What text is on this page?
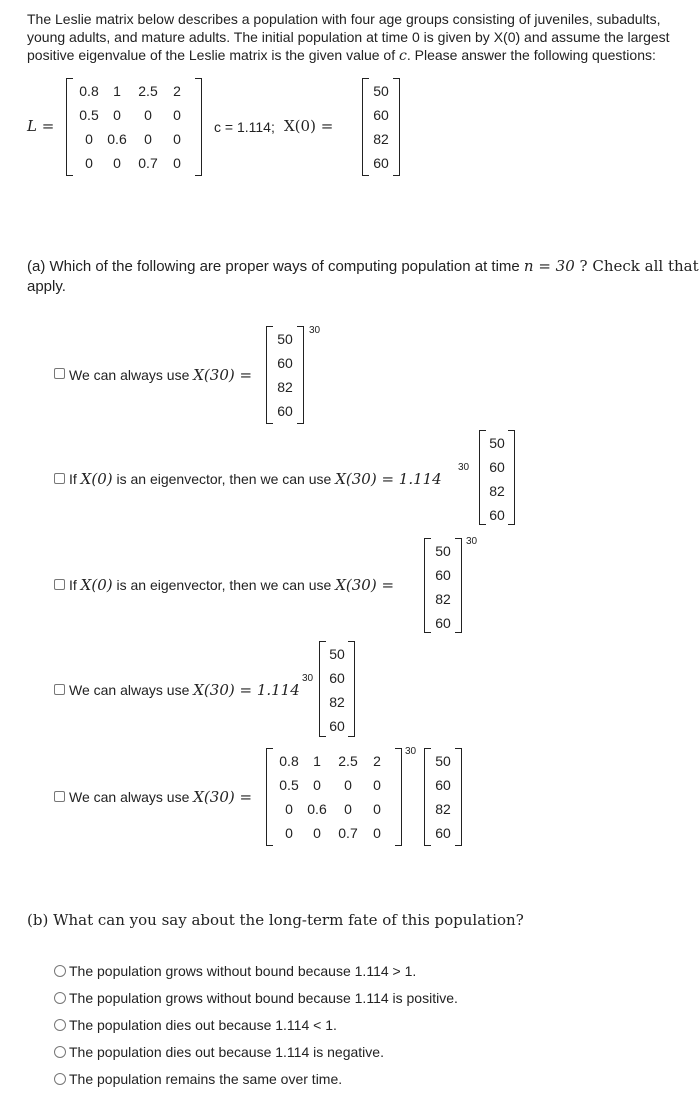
The Leslie matrix below describes a population with four age groups consisting of juveniles, subadults,
young adults, and mature adults. The initial population at time 0 is given by X(0) and assume the largest
positive eigenvalue of the Leslie matrix is the given value of c. Please answer the following questions:
L =
0.8	1	2.5	2
0.5	0	0	0
0	0.6	0	0
0	0	0.7	0
c = 1.114; X(0) =
50
60
82
60
(a) Which of the following are proper ways of computing population at time n = 30 ? Check all that
apply.
We can always use X(30) =
50
60
82
60
30
If X(0) is an eigenvector, then we can use X(30) = 1.114
30
50
60
82
60
If X(0) is an eigenvector, then we can use X(30) =
50
60
82
60
30
We can always use X(30) = 1.114
30
50
60
82
60
We can always use X(30) =
0.8	1	2.5	2
0.5	0	0	0
0	0.6	0	0
0	0	0.7	0
30
50
60
82
60
(b) What can you say about the long-term fate of this population?
The population grows without bound because 1.114 > 1.
The population grows without bound because 1.114 is positive.
The population dies out because 1.114 < 1.
The population dies out because 1.114 is negative.
The population remains the same over time.
